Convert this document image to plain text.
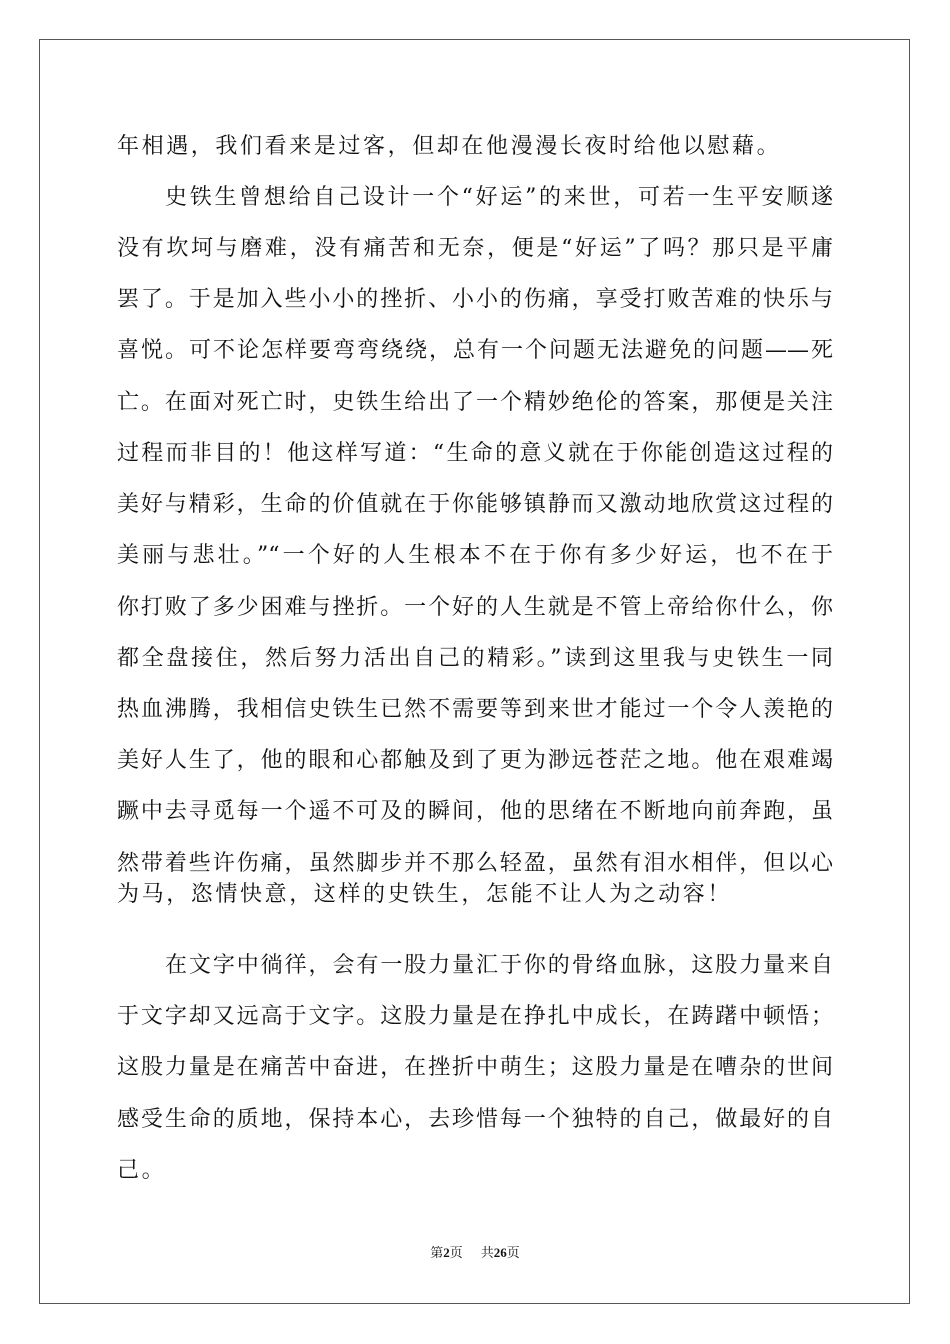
年相遇，我们看来是过客，但却在他漫漫长夜时给他以慰藉。
史铁生曾想给自己设计一个“好运”的来世，可若一生平安顺遂
没有坎坷与磨难，没有痛苦和无奈，便是“好运”了吗？那只是平庸
罢了。于是加入些小小的挫折、小小的伤痛，享受打败苦难的快乐与
喜悦。可不论怎样要弯弯绕绕，总有一个问题无法避免的问题——死
亡。在面对死亡时，史铁生给出了一个精妙绝伦的答案，那便是关注
过程而非目的！他这样写道：“生命的意义就在于你能创造这过程的
美好与精彩，生命的价值就在于你能够镇静而又激动地欣赏这过程的
美丽与悲壮。”“一个好的人生根本不在于你有多少好运，也不在于
你打败了多少困难与挫折。一个好的人生就是不管上帝给你什么，你
都全盘接住，然后努力活出自己的精彩。”读到这里我与史铁生一同
热血沸腾，我相信史铁生已然不需要等到来世才能过一个令人羡艳的
美好人生了，他的眼和心都触及到了更为渺远苍茫之地。他在艰难竭
蹶中去寻觅每一个遥不可及的瞬间，他的思绪在不断地向前奔跑，虽
然带着些许伤痛，虽然脚步并不那么轻盈，虽然有泪水相伴，但以心
为马，恣情快意，这样的史铁生，怎能不让人为之动容！
在文字中徜徉，会有一股力量汇于你的骨络血脉，这股力量来自
于文字却又远高于文字。这股力量是在挣扎中成长，在踌躇中顿悟；
这股力量是在痛苦中奋进，在挫折中萌生；这股力量是在嘈杂的世间
感受生命的质地，保持本心，去珍惜每一个独特的自己，做最好的自
己。
第2页 共26页
